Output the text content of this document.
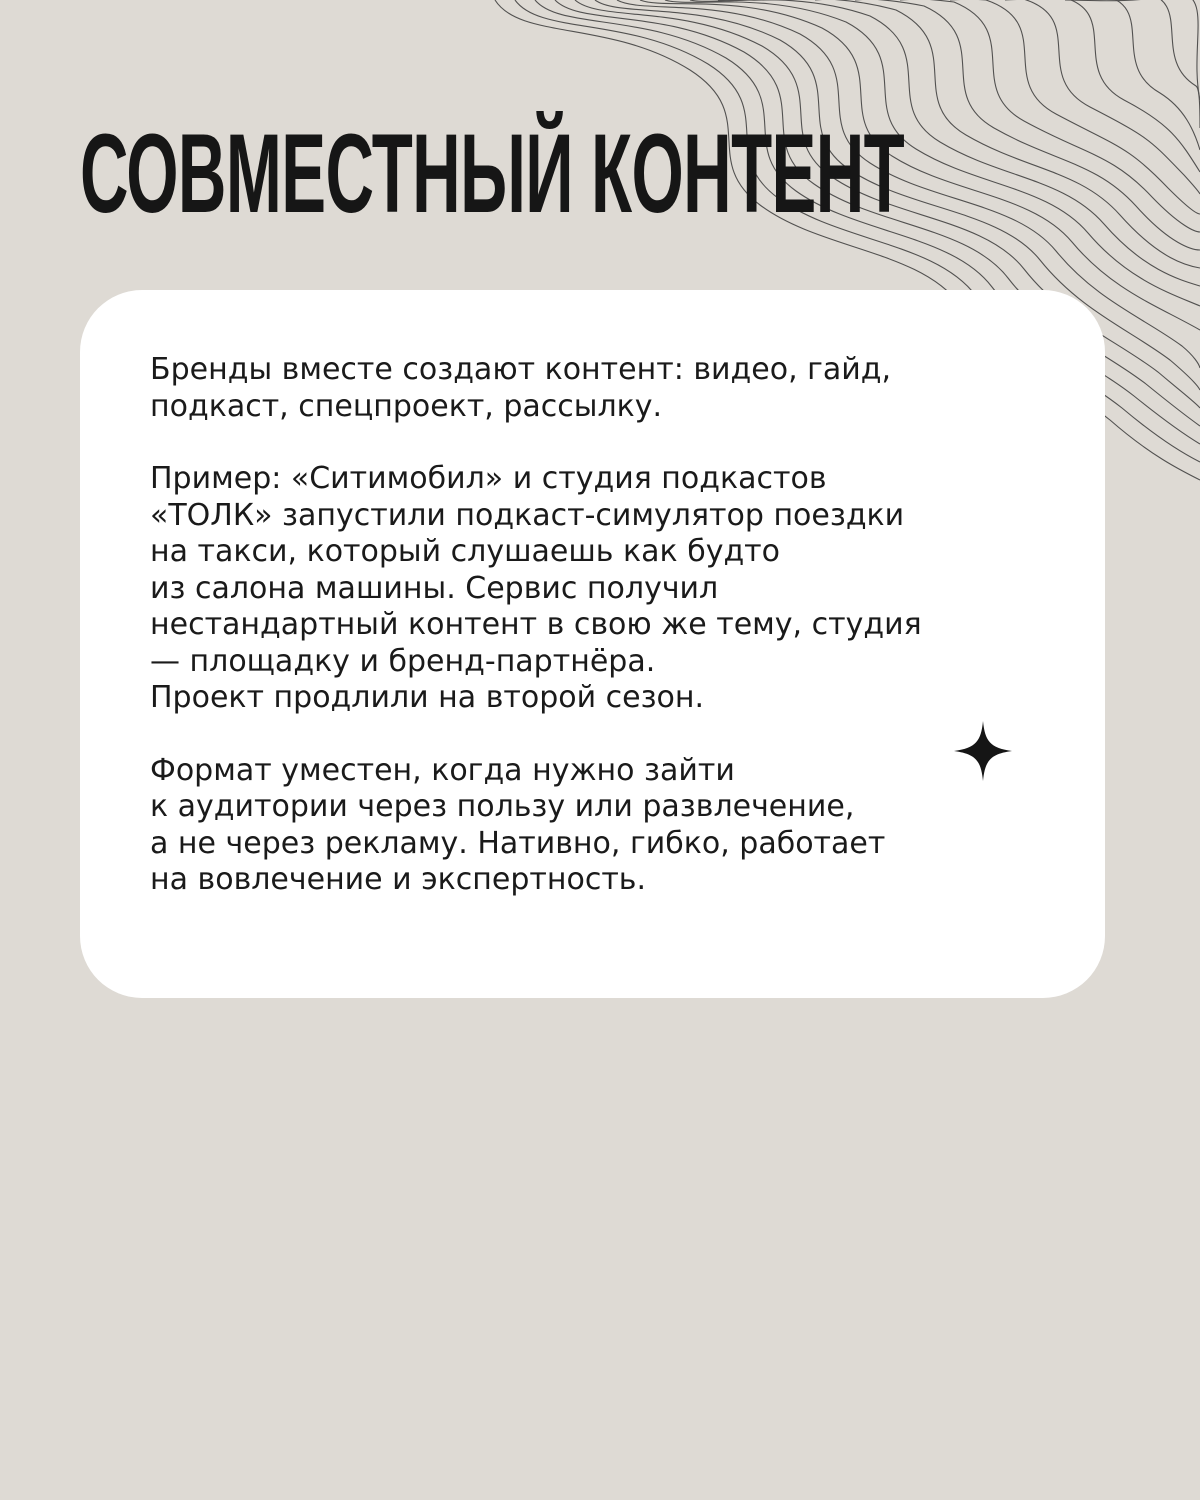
СОВМЕСТНЫЙ КОНТЕНТ

Бренды вместе создают контент: видео, гайд,
подкаст, спецпроект, рассылку.

Пример: «Ситимобил» и студия подкастов
«ТОЛК» запустили подкаст-симулятор поездки
на такси, который слушаешь как будто
из салона машины. Сервис получил
нестандартный контент в свою же тему, студия
— площадку и бренд-партнёра.
Проект продлили на второй сезон.

Формат уместен, когда нужно зайти
к аудитории через пользу или развлечение,
а не через рекламу. Нативно, гибко, работает
на вовлечение и экспертность.
